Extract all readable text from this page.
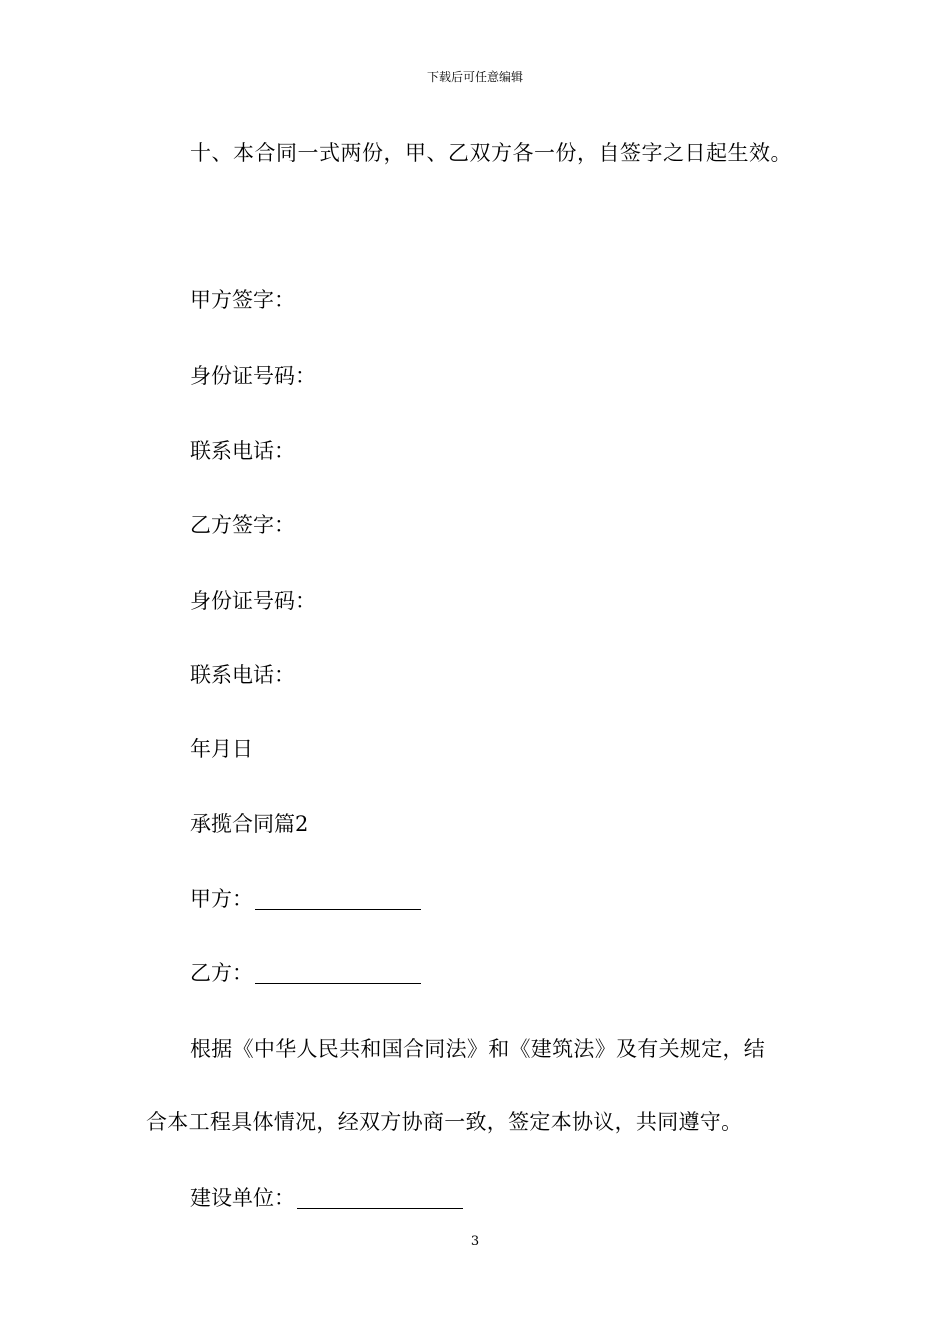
下载后可任意编辑
十、本合同一式两份，甲、乙双方各一份，自签字之日起生效。
甲方签字：
身份证号码：
联系电话：
乙方签字：
身份证号码：
联系电话：
年月日
承揽合同篇2
甲方：
乙方：
根据《中华人民共和国合同法》和《建筑法》及有关规定，结
合本工程具体情况，经双方协商一致，签定本协议，共同遵守。
建设单位：
3
